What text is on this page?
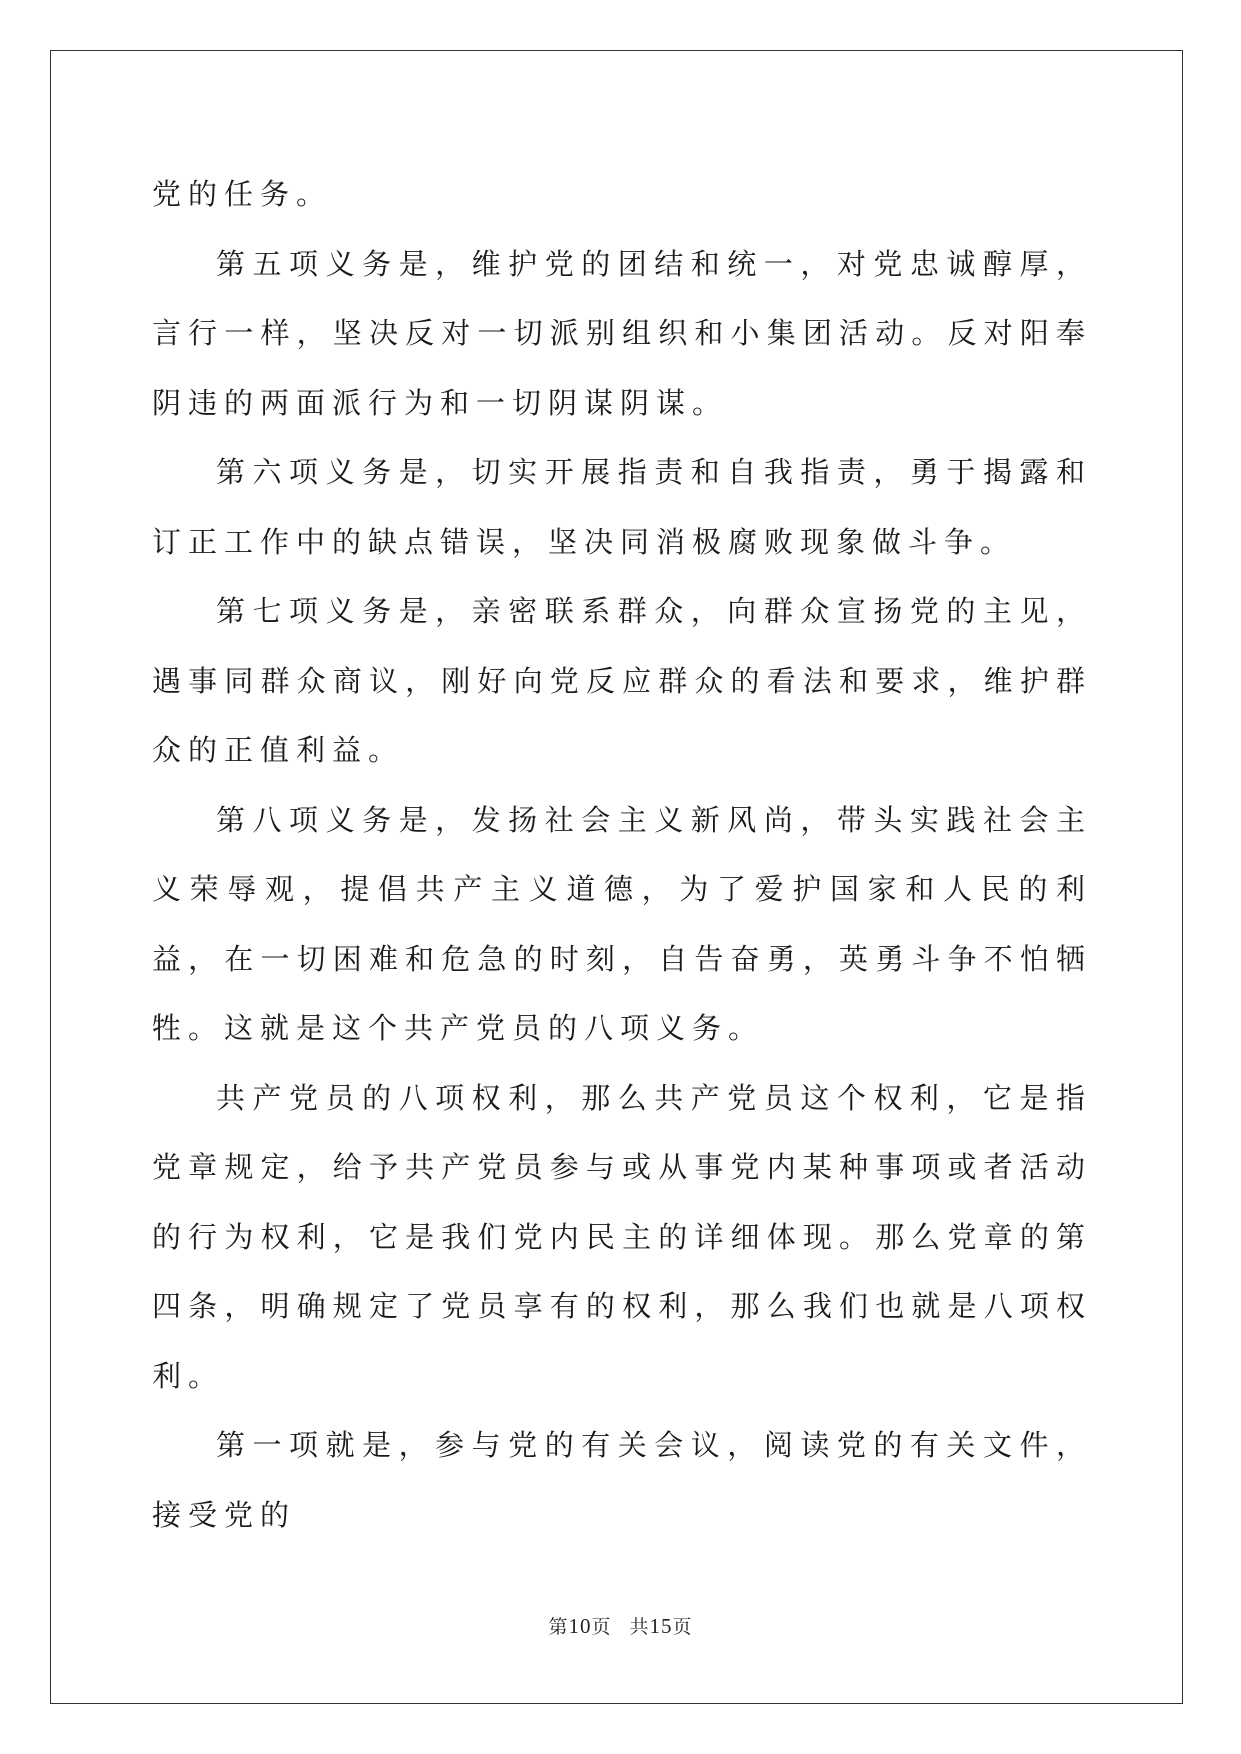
党的任务。

第五项义务是，维护党的团结和统一，对党忠诚醇厚，言行一样，坚决反对一切派别组织和小集团活动。反对阳奉阴违的两面派行为和一切阴谋阴谋。

第六项义务是，切实开展指责和自我指责，勇于揭露和订正工作中的缺点错误，坚决同消极腐败现象做斗争。

第七项义务是，亲密联系群众，向群众宣扬党的主见，遇事同群众商议，刚好向党反应群众的看法和要求，维护群众的正值利益。

第八项义务是，发扬社会主义新风尚，带头实践社会主义荣辱观，提倡共产主义道德，为了爱护国家和人民的利益，在一切困难和危急的时刻，自告奋勇，英勇斗争不怕牺牲。这就是这个共产党员的八项义务。

共产党员的八项权利，那么共产党员这个权利，它是指党章规定，给予共产党员参与或从事党内某种事项或者活动的行为权利，它是我们党内民主的详细体现。那么党章的第四条，明确规定了党员享有的权利，那么我们也就是八项权利。

第一项就是，参与党的有关会议，阅读党的有关文件，接受党的

第10页 共15页
